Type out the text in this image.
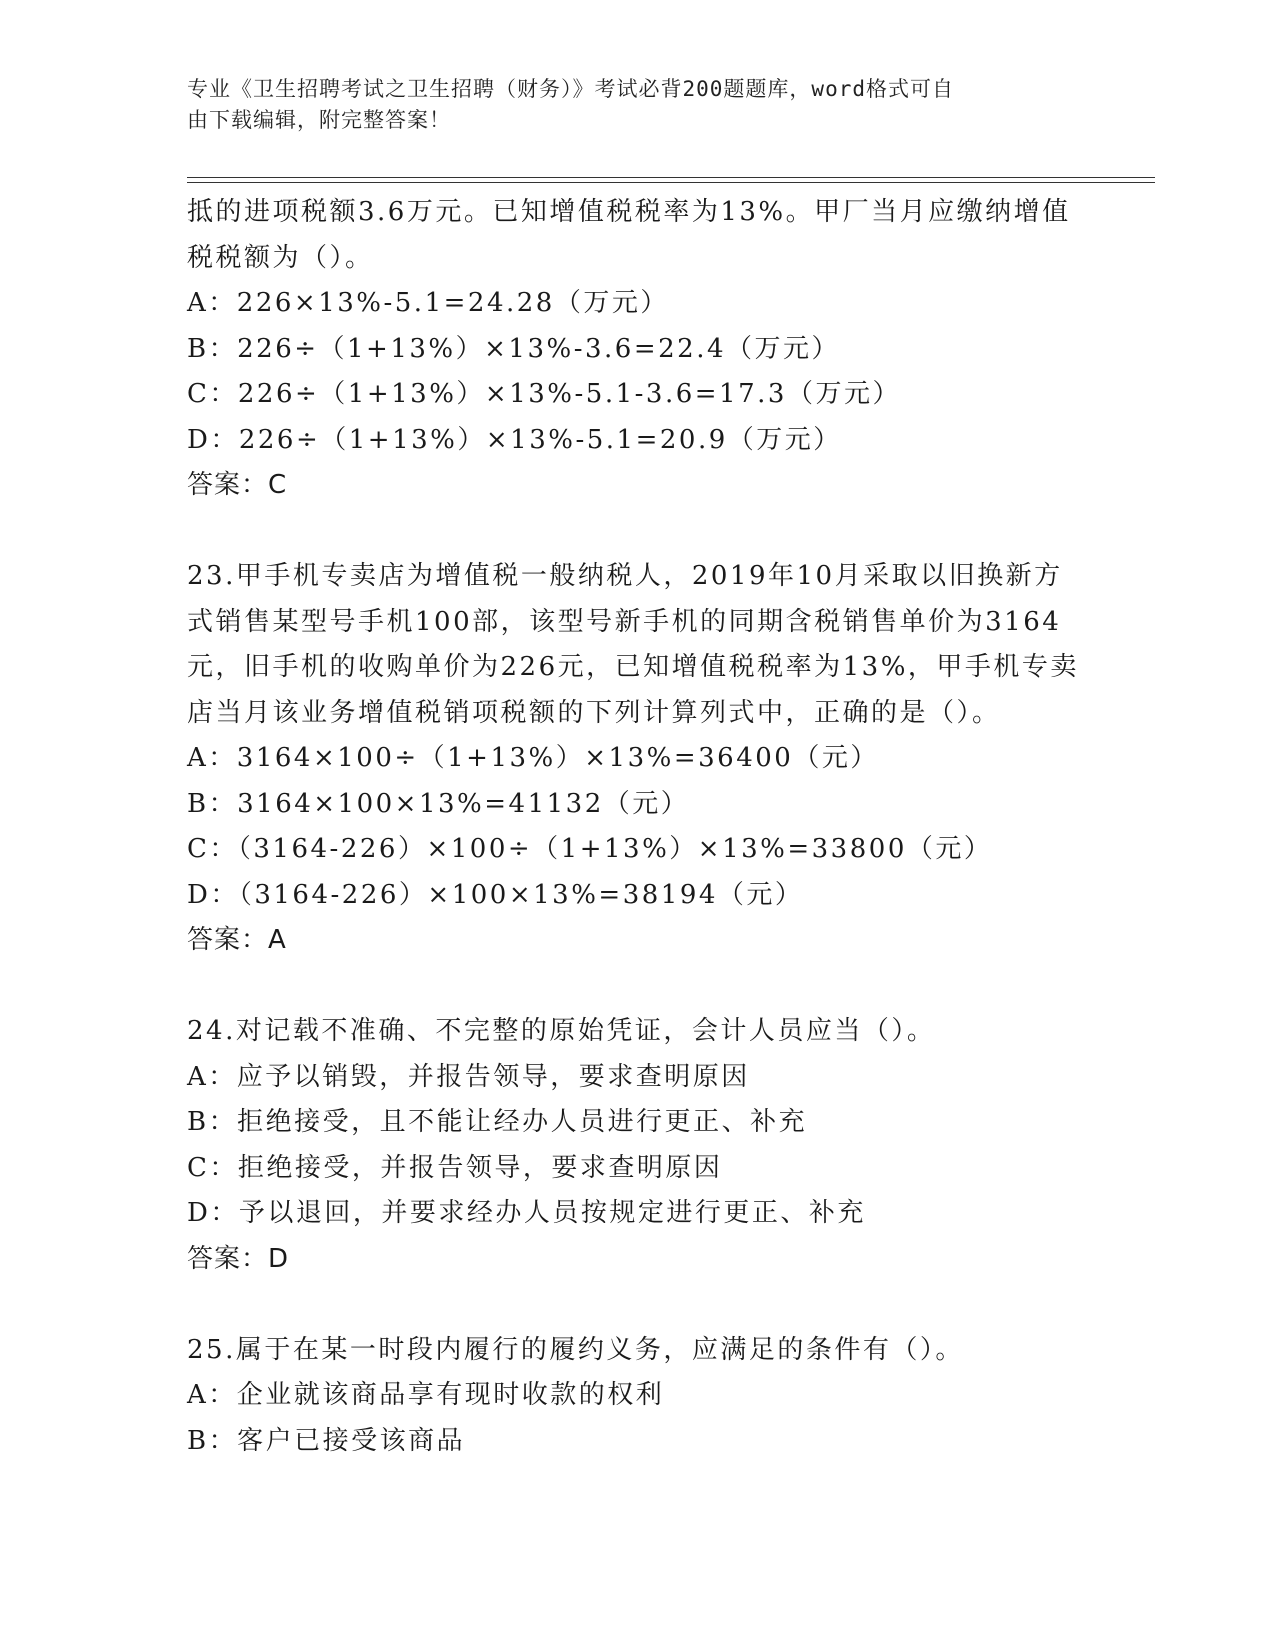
专业《卫生招聘考试之卫生招聘（财务）》考试必背200题题库，word格式可自
由下载编辑，附完整答案！
抵的进项税额3.6万元。已知增值税税率为13%。甲厂当月应缴纳增值
税税额为（）。
A：226×13%-5.1=24.28（万元）
B：226÷（1+13%）×13%-3.6=22.4（万元）
C：226÷（1+13%）×13%-5.1-3.6=17.3（万元）
D：226÷（1+13%）×13%-5.1=20.9（万元）
答案：C
23.甲手机专卖店为增值税一般纳税人，2019年10月采取以旧换新方
式销售某型号手机100部，该型号新手机的同期含税销售单价为3164
元，旧手机的收购单价为226元，已知增值税税率为13%，甲手机专卖
店当月该业务增值税销项税额的下列计算列式中，正确的是（）。
A：3164×100÷（1+13%）×13%=36400（元）
B：3164×100×13%=41132（元）
C：（3164-226）×100÷（1+13%）×13%=33800（元）
D：（3164-226）×100×13%=38194（元）
答案：A
24.对记载不准确、不完整的原始凭证，会计人员应当（）。
A：应予以销毁，并报告领导，要求查明原因
B：拒绝接受，且不能让经办人员进行更正、补充
C：拒绝接受，并报告领导，要求查明原因
D：予以退回，并要求经办人员按规定进行更正、补充
答案：D
25.属于在某一时段内履行的履约义务，应满足的条件有（）。
A：企业就该商品享有现时收款的权利
B：客户已接受该商品
